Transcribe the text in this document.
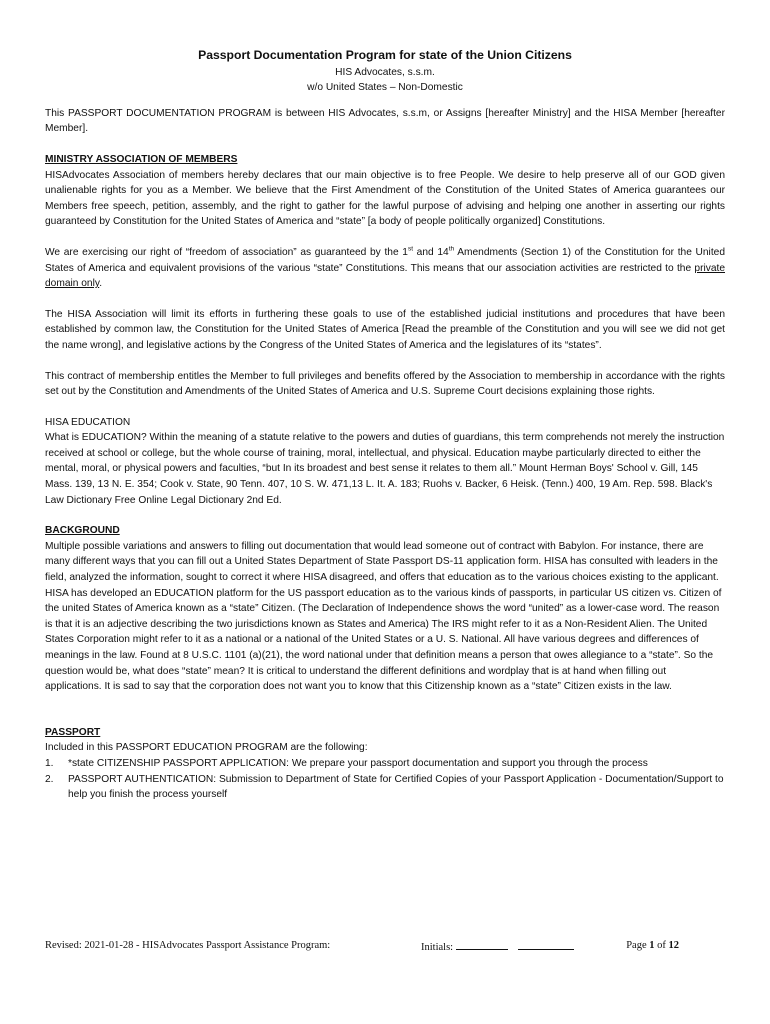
Passport Documentation Program for state of the Union Citizens
HIS Advocates, s.s.m.
w/o United States – Non-Domestic

This PASSPORT DOCUMENTATION PROGRAM is between HIS Advocates, s.s.m, or Assigns [hereafter Ministry] and the HISA Member [hereafter Member].

MINISTRY ASSOCIATION OF MEMBERS

HISAdvocates Association of members hereby declares that our main objective is to free People. We desire to help preserve all of our GOD given unalienable rights for you as a Member. We believe that the First Amendment of the Constitution of the United States of America guarantees our Members free speech, petition, assembly, and the right to gather for the lawful purpose of advising and helping one another in asserting our rights guaranteed by Constitution for the United States of America and “state” [a body of people politically organized] Constitutions.

We are exercising our right of “freedom of association” as guaranteed by the 1st and 14th Amendments (Section 1) of the Constitution for the United States of America and equivalent provisions of the various “state” Constitutions. This means that our association activities are restricted to the private domain only.

The HISA Association will limit its efforts in furthering these goals to use of the established judicial institutions and procedures that have been established by common law, the Constitution for the United States of America [Read the preamble of the Constitution and you will see we did not get the name wrong], and legislative actions by the Congress of the United States of America and the legislatures of its “states”.

This contract of membership entitles the Member to full privileges and benefits offered by the Association to membership in accordance with the rights set out by the Constitution and Amendments of the United States of America and U.S. Supreme Court decisions explaining those rights.

HISA EDUCATION

What is EDUCATION? Within the meaning of a statute relative to the powers and duties of guardians, this term comprehends not merely the instruction received at school or college, but the whole course of training, moral, intellectual, and physical. Education maybe particularly directed to either the mental, moral, or physical powers and faculties, “but In its broadest and best sense it relates to them all.” Mount Herman Boys' School v. Gill, 145 Mass. 139, 13 N. E. 354; Cook v. State, 90 Tenn. 407, 10 S. W. 471,13 L. It. A. 183; Ruohs v. Backer, 6 Heisk. (Tenn.) 400, 19 Am. Rep. 598. Black's Law Dictionary Free Online Legal Dictionary 2nd Ed.

BACKGROUND

Multiple possible variations and answers to filling out documentation that would lead someone out of contract with Babylon. For instance, there are many different ways that you can fill out a United States Department of State Passport DS-11 application form. HISA has consulted with leaders in the field, analyzed the information, sought to correct it where HISA disagreed, and offers that education as to the various choices existing to the applicant. HISA has developed an EDUCATION platform for the US passport education as to the various kinds of passports, in particular US citizen vs. Citizen of the united States of America known as a “state” Citizen. (The Declaration of Independence shows the word “united” as a lower-case word. The reason is that it is an adjective describing the two jurisdictions known as States and America) The IRS might refer to it as a Non-Resident Alien. The United States Corporation might refer to it as a national or a national of the United States or a U. S. National. All have various degrees and differences of meanings in the law. Found at 8 U.S.C. 1101 (a)(21), the word national under that definition means a person that owes allegiance to a “state”. So the question would be, what does “state” mean? It is critical to understand the different definitions and wordplay that is at hand when filling out applications. It is sad to say that the corporation does not want you to know that this Citizenship known as a “state” Citizen exists in the law.

PASSPORT
Included in this PASSPORT EDUCATION PROGRAM are the following:
1. *state CITIZENSHIP PASSPORT APPLICATION: We prepare your passport documentation and support you through the process
2. PASSPORT AUTHENTICATION: Submission to Department of State for Certified Copies of your Passport Application - Documentation/Support to help you finish the process yourself
Revised: 2021-01-28 - HISAdvocates Passport Assistance Program:	Initials:	Page 1 of 12
